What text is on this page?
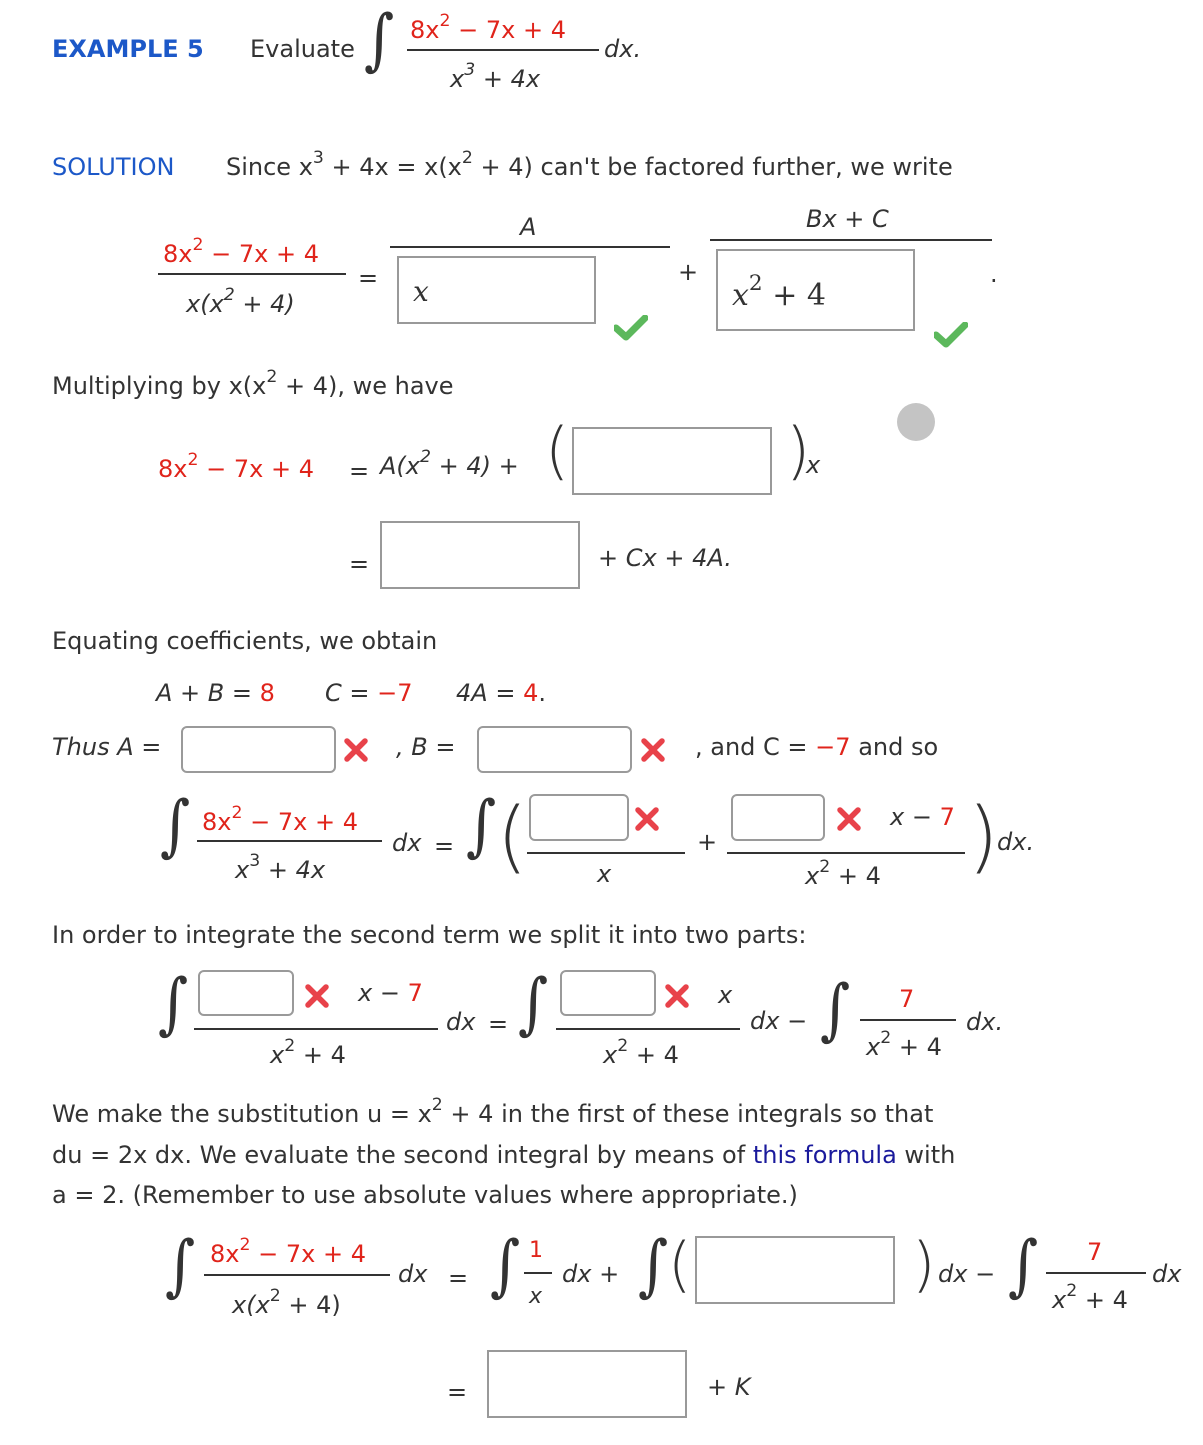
EXAMPLE 5 Evaluate ∫ $8x^2 - 7x + 4$
$x^3 + 4x$
dx.
SOLUTION Since $x^3 + 4x = x(x^2 + 4)$ can't be factored further, we write
$8x^2 - 7x + 4$
$x(x^2 + 4)$
=
A
x
+
Bx + C
$x^2 + 4$
.
Multiplying by $x(x^2 + 4)$, we have
$8x^2 - 7x + 4 = A(x^2 + 4)$ + (	)
x
=	+ Cx + 4A.
Equating coefficients, we obtain
A + B = 8 C = −7 4A = 4.
Thus A =	, B =	, and C = −7 and so
∫ $8x^2 - 7x + 4$
$x^3 + 4x$
dx = ∫ (	x
+
x − 7
$x^2 + 4$ )
dx.
In order to integrate the second term we split it into two parts:
∫	x − 7
$x^2 + 4$
dx = ∫	x
$x^2 + 4$
dx − ∫ 7
$x^2 + 4$
dx.
We make the substitution $u = x^2 + 4$ in the first of these integrals so that
du = 2x dx. We evaluate the second integral by means of this formula with
a = 2. (Remember to use absolute values where appropriate.)
∫ $8x^2 - 7x + 4$
$x(x^2 + 4)$
dx = ∫ 1
x
dx + ∫ (	) dx − ∫ 7
$x^2 + 4$
dx
=	+ K
